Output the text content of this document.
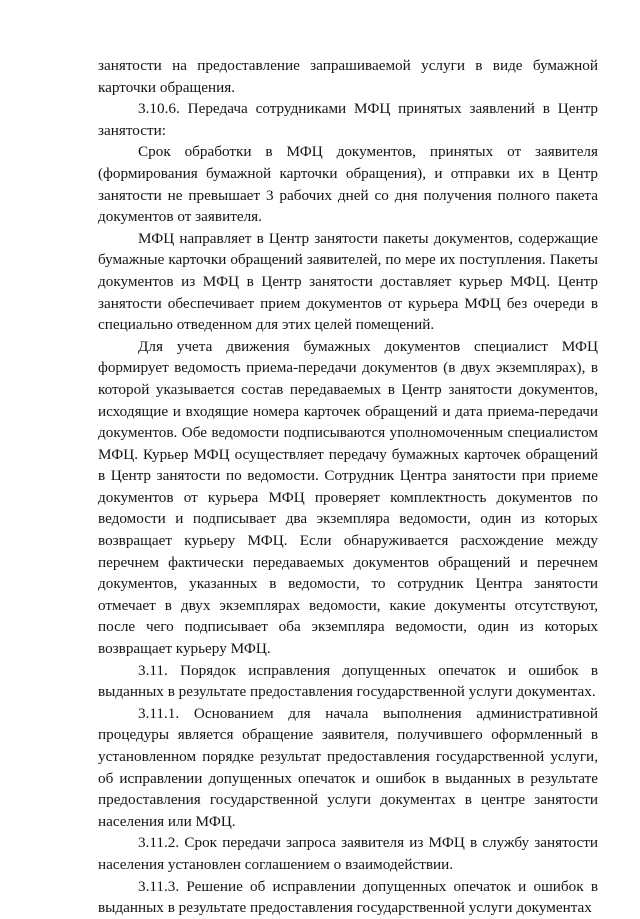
занятости на предоставление запрашиваемой услуги в виде бумажной карточки обращения.

3.10.6. Передача сотрудниками МФЦ принятых заявлений в Центр занятости:

Срок обработки в МФЦ документов, принятых от заявителя (формирования бумажной карточки обращения), и отправки их в Центр занятости не превышает 3 рабочих дней со дня получения полного пакета документов от заявителя.

МФЦ направляет в Центр занятости пакеты документов, содержащие бумажные карточки обращений заявителей, по мере их поступления. Пакеты документов из МФЦ в Центр занятости доставляет курьер МФЦ. Центр занятости обеспечивает прием документов от курьера МФЦ без очереди в специально отведенном для этих целей помещений.

Для учета движения бумажных документов специалист МФЦ формирует ведомость приема-передачи документов (в двух экземплярах), в которой указывается состав передаваемых в Центр занятости документов, исходящие и входящие номера карточек обращений и дата приема-передачи документов. Обе ведомости подписываются уполномоченным специалистом МФЦ. Курьер МФЦ осуществляет передачу бумажных карточек обращений в Центр занятости по ведомости. Сотрудник Центра занятости при приеме документов от курьера МФЦ проверяет комплектность документов по ведомости и подписывает два экземпляра ведомости, один из которых возвращает курьеру МФЦ. Если обнаруживается расхождение между перечнем фактически передаваемых документов обращений и перечнем документов, указанных в ведомости, то сотрудник Центра занятости отмечает в двух экземплярах ведомости, какие документы отсутствуют, после чего подписывает оба экземпляра ведомости, один из которых возвращает курьеру МФЦ.

3.11. Порядок исправления допущенных опечаток и ошибок в выданных в результате предоставления государственной услуги документах.

3.11.1. Основанием для начала выполнения административной процедуры является обращение заявителя, получившего оформленный в установленном порядке результат предоставления государственной услуги, об исправлении допущенных опечаток и ошибок в выданных в результате предоставления государственной услуги документах в центре занятости населения или МФЦ.

3.11.2. Срок передачи запроса заявителя из МФЦ в службу занятости населения установлен соглашением о взаимодействии.

3.11.3. Решение об исправлении допущенных опечаток и ошибок в выданных в результате предоставления государственной услуги документах
